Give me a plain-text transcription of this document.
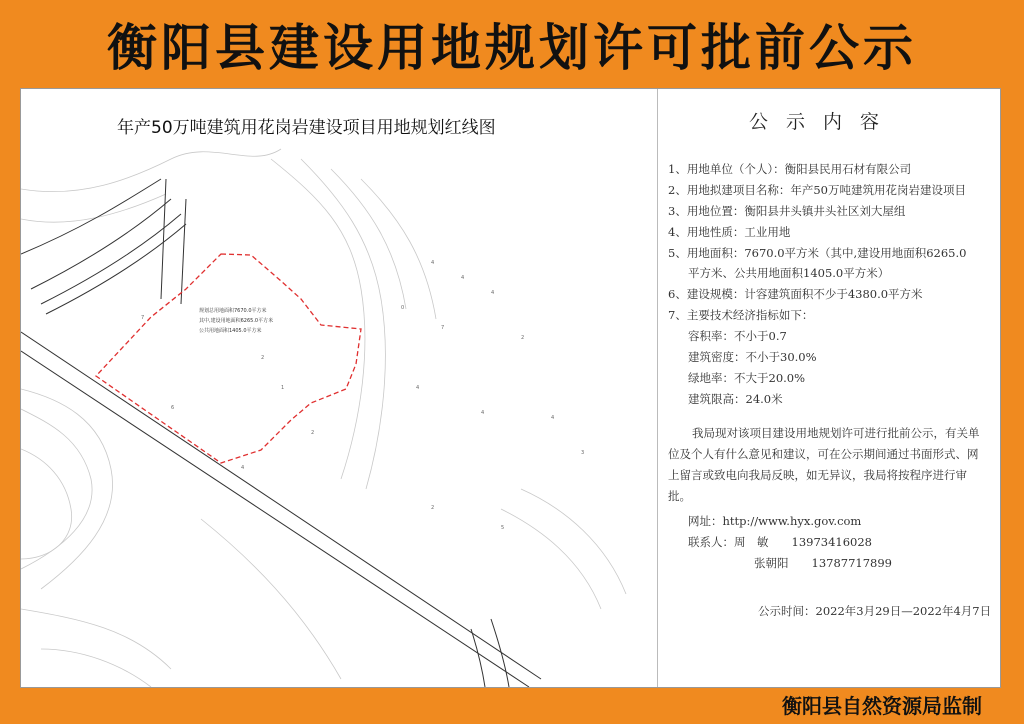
衡阳县建设用地规划许可批前公示
4
4
4
0
7
2
4
4
4
3
2
5
2
6
4
7
2
1
规划总用地面积7670.0平方米
其中,建设用地面积6265.0平方米
公共用地面积1405.0平方米
年产50万吨建筑用花岗岩建设项目用地规划红线图	公示内容
1、用地单位（个人）：衡阳县民用石材有限公司
2、用地拟建项目名称：年产50万吨建筑用花岗岩建设项目
3、用地位置：衡阳县井头镇井头社区刘大屋组
4、用地性质：工业用地
5、用地面积：7670.0平方米（其中,建设用地面积6265.0
平方米、公共用地面积1405.0平方米）
6、建设规模：计容建筑面积不少于4380.0平方米
7、主要技术经济指标如下：
容积率：不小于0.7
建筑密度：不小于30.0%
绿地率：不大于20.0%
建筑限高：24.0米
我局现对该项目建设用地规划许可进行批前公示，有关单位及个人有什么意见和建议，可在公示期间通过书面形式、网上留言或致电向我局反映，如无异议，我局将按程序进行审批。
网址：http://www.hyx.gov.com
联系人：周　敏　　13973416028
张朝阳　　13787717899
公示时间：2022年3月29日—2022年4月7日
衡阳县自然资源局监制
